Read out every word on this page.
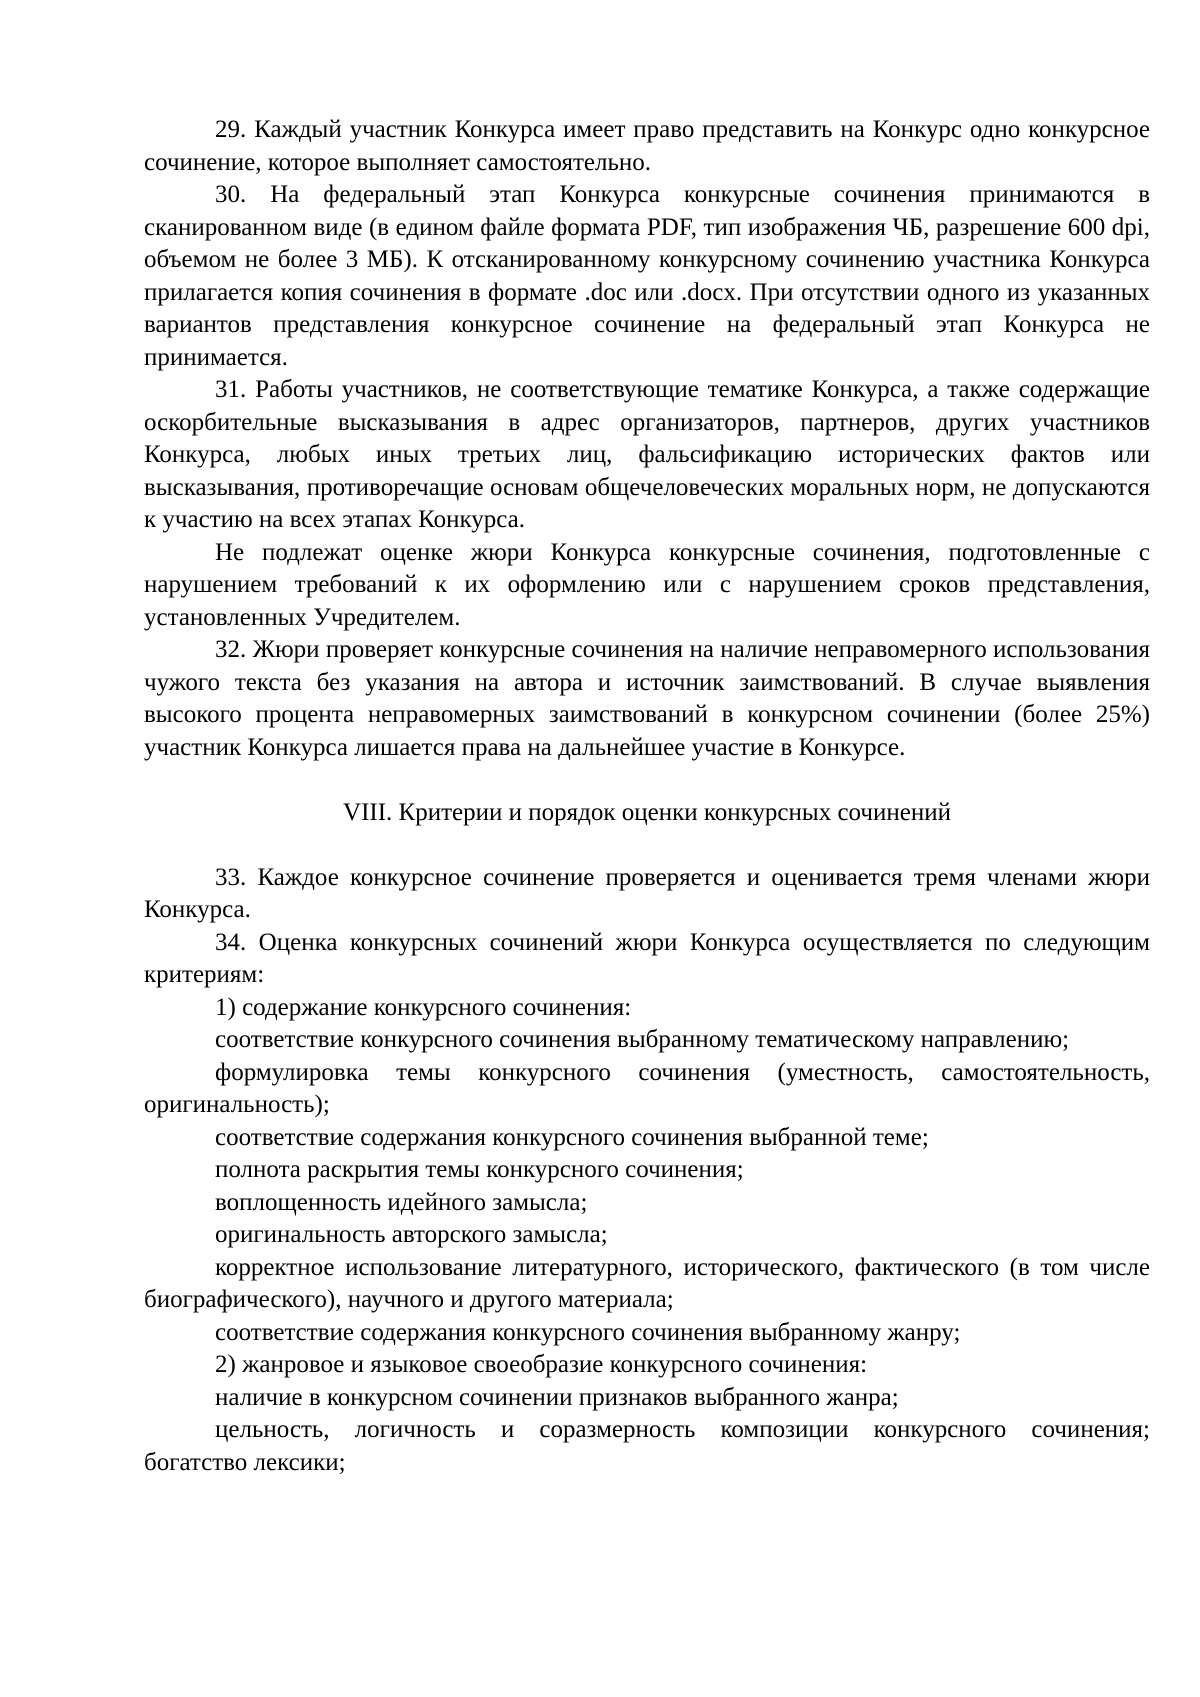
29. Каждый участник Конкурса имеет право представить на Конкурс одно конкурсное сочинение, которое выполняет самостоятельно.

30. На федеральный этап Конкурса конкурсные сочинения принимаются в сканированном виде (в едином файле формата PDF, тип изображения ЧБ, разрешение 600 dpi, объемом не более 3 МБ). К отсканированному конкурсному сочинению участника Конкурса прилагается копия сочинения в формате .doc или .docx. При отсутствии одного из указанных вариантов представления конкурсное сочинение на федеральный этап Конкурса не принимается.

31. Работы участников, не соответствующие тематике Конкурса, а также содержащие оскорбительные высказывания в адрес организаторов, партнеров, других участников Конкурса, любых иных третьих лиц, фальсификацию исторических фактов или высказывания, противоречащие основам общечеловеческих моральных норм, не допускаются к участию на всех этапах Конкурса.

Не подлежат оценке жюри Конкурса конкурсные сочинения, подготовленные с нарушением требований к их оформлению или с нарушением сроков представления, установленных Учредителем.

32. Жюри проверяет конкурсные сочинения на наличие неправомерного использования чужого текста без указания на автора и источник заимствований. В случае выявления высокого процента неправомерных заимствований в конкурсном сочинении (более 25%) участник Конкурса лишается права на дальнейшее участие в Конкурсе.

VIII. Критерии и порядок оценки конкурсных сочинений

33. Каждое конкурсное сочинение проверяется и оценивается тремя членами жюри Конкурса.

34. Оценка конкурсных сочинений жюри Конкурса осуществляется по следующим критериям:

1) содержание конкурсного сочинения:

соответствие конкурсного сочинения выбранному тематическому направлению;

формулировка темы конкурсного сочинения (уместность, самостоятельность, оригинальность);

соответствие содержания конкурсного сочинения выбранной теме;

полнота раскрытия темы конкурсного сочинения;

воплощенность идейного замысла;

оригинальность авторского замысла;

корректное использование литературного, исторического, фактического (в том числе биографического), научного и другого материала;

соответствие содержания конкурсного сочинения выбранному жанру;

2) жанровое и языковое своеобразие конкурсного сочинения:

наличие в конкурсном сочинении признаков выбранного жанра;

цельность, логичность и соразмерность композиции конкурсного сочинения;

богатство лексики;
